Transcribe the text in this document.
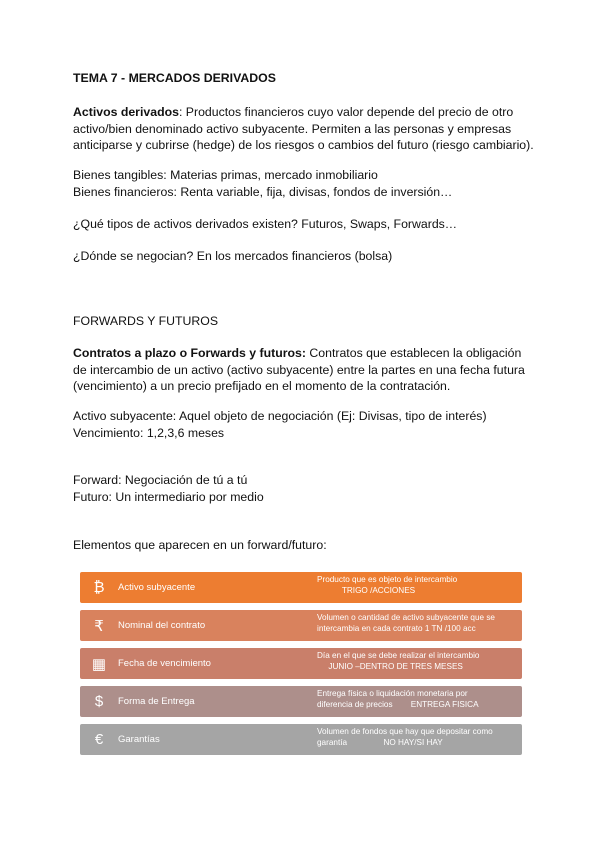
TEMA 7 - MERCADOS DERIVADOS

Activos derivados: Productos financieros cuyo valor depende del precio de otro

activo/bien denominado activo subyacente. Permiten a las personas y empresas

anticiparse y cubrirse (hedge) de los riesgos o cambios del futuro (riesgo cambiario).

Bienes tangibles: Materias primas, mercado inmobiliario

Bienes financieros: Renta variable, fija, divisas, fondos de inversión…

¿Qué tipos de activos derivados existen? Futuros, Swaps, Forwards…

¿Dónde se negocian? En los mercados financieros (bolsa)

FORWARDS Y FUTUROS

Contratos a plazo o Forwards y futuros: Contratos que establecen la obligación

de intercambio de un activo (activo subyacente) entre la partes en una fecha futura

(vencimiento) a un precio prefijado en el momento de la contratación.

Activo subyacente: Aquel objeto de negociación (Ej: Divisas, tipo de interés)

Vencimiento: 1,2,3,6 meses

Forward: Negociación de tú a tú

Futuro: Un intermediario por medio

Elementos que aparecen en un forward/futuro:

₿	Activo subyacente
Producto que es objeto de intercambio
TRIGO /ACCIONES
₹	Nominal del contrato
Volumen o cantidad de activo subyacente que se
intercambia en cada contrato 1 TN /100 acc
▦ Fecha de vencimiento
Día en el que se debe realizar el intercambio
JUNIO –DENTRO DE TRES MESES
$	Forma de Entrega
Entrega física o liquidación monetaria por
diferencia de precios        ENTREGA FISICA
€	Garantías
Volumen de fondos que hay que depositar como
garantía                NO HAY/SI HAY
